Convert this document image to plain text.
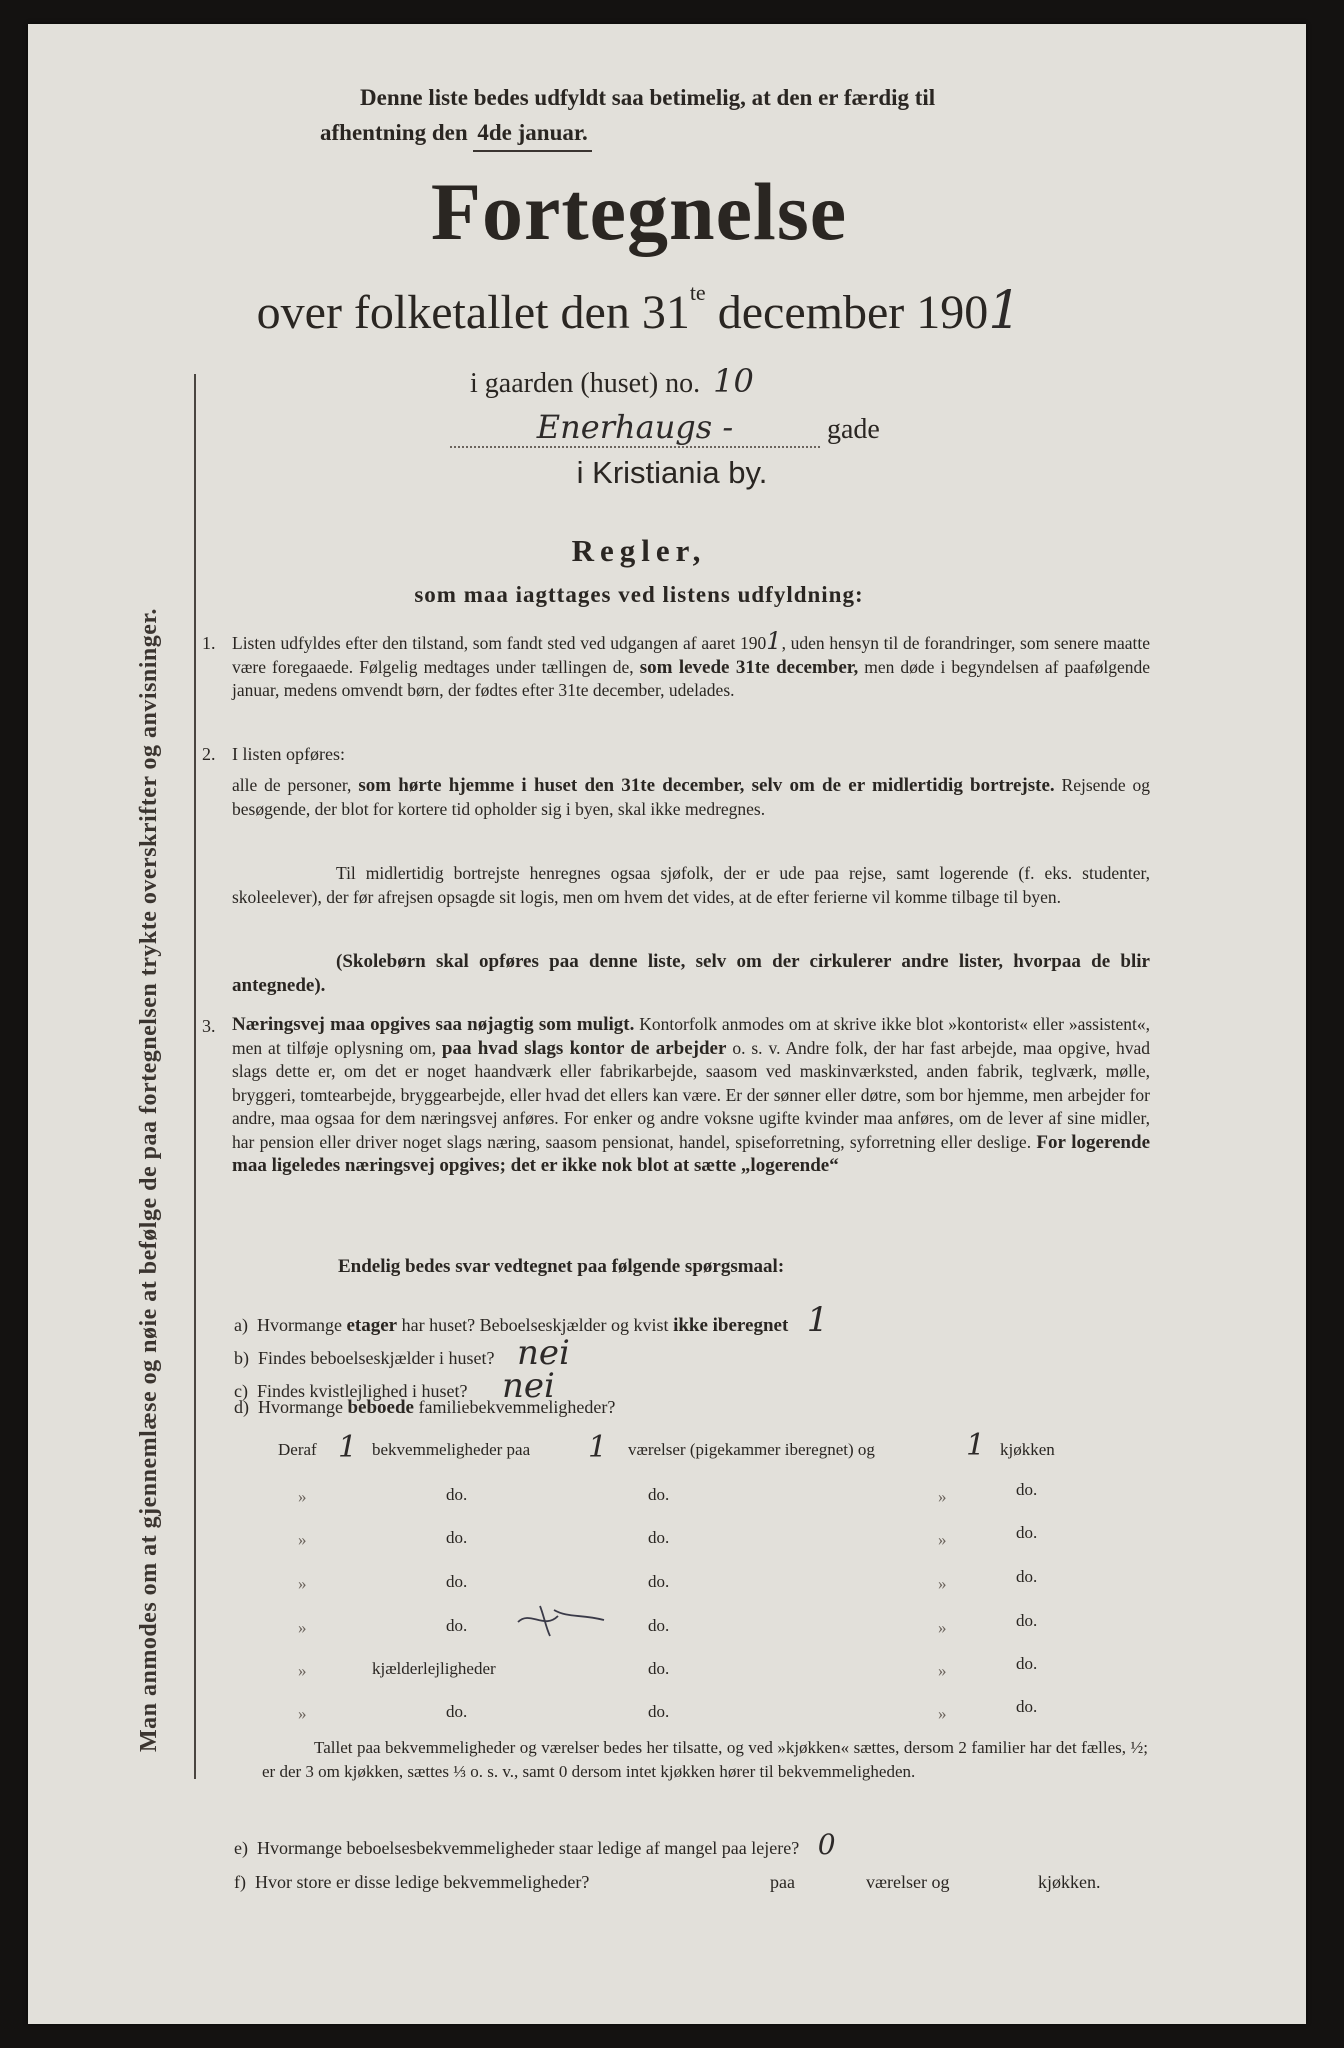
Man anmodes om at gjennemlæse og nøie at befølge de paa fortegnelsen trykte overskrifter og anvisninger.
Denne liste bedes udfyldt saa betimelig, at den er færdig til
afhentning den 4de januar.
Fortegnelse
over folketallet den $31^{te}$ december 1901
i gaarden (huset) no. 10
Enerhaugs -	gade
i Kristiania by.
Regler,
som maa iagttages ved listens udfyldning:
1. Listen udfyldes efter den tilstand, som fandt sted ved udgangen af aaret 1901, uden hensyn til de forandringer, som senere maatte være foregaaede. Følgelig medtages under tællingen de, som levede 31te december, men døde i begyndelsen af paafølgende januar, medens omvendt børn, der fødtes efter 31te december, udelades.
2. I listen opføres:
alle de personer, som hørte hjemme i huset den 31te december, selv om de er midlertidig bortrejste. Rejsende og besøgende, der blot for kortere tid opholder sig i byen, skal ikke medregnes.
Til midlertidig bortrejste henregnes ogsaa sjøfolk, der er ude paa rejse, samt logerende (f. eks. studenter, skoleelever), der før afrejsen opsagde sit logis, men om hvem det vides, at de efter ferierne vil komme tilbage til byen.
(Skolebørn skal opføres paa denne liste, selv om der cirkulerer andre lister, hvorpaa de blir antegnede).
3. Næringsvej maa opgives saa nøjagtig som muligt. Kontorfolk anmodes om at skrive ikke blot »kontorist« eller »assistent«, men at tilføje oplysning om, paa hvad slags kontor de arbejder o. s. v. Andre folk, der har fast arbejde, maa opgive, hvad slags dette er, om det er noget haandværk eller fabrikarbejde, saasom ved maskinværksted, anden fabrik, teglværk, mølle, bryggeri, tomtearbejde, bryggearbejde, eller hvad det ellers kan være. Er der sønner eller døtre, som bor hjemme, men arbejder for andre, maa ogsaa for dem næringsvej anføres. For enker og andre voksne ugifte kvinder maa anføres, om de lever af sine midler, har pension eller driver noget slags næring, saasom pensionat, handel, spiseforretning, syforretning eller deslige. For logerende maa ligeledes næringsvej opgives; det er ikke nok blot at sætte „logerende“
Endelig bedes svar vedtegnet paa følgende spørgsmaal:
a) Hvormange etager har huset? Beboelseskjælder og kvist ikke iberegnet 1
b) Findes beboelseskjælder i huset? nei
c) Findes kvistlejlighed i huset? nei
d) Hvormange beboede familiebekvemmeligheder?
Deraf 1 bekvemmeligheder paa 1 værelser (pigekammer iberegnet) og	1 kjøkken
»	do.	do.	»	do.
»	do.	do.	»	do.
»	do.	do.	»	do.
»	do.	do.	»	do.
»	kjælderlejligheder	do.	»	do.
»	do.	do.	»	do.
Tallet paa bekvemmeligheder og værelser bedes her tilsatte, og ved »kjøkken« sættes, dersom 2 familier har det fælles, ½; er der 3 om kjøkken, sættes ⅓ o. s. v., samt 0 dersom intet kjøkken hører til bekvemmeligheden.
e) Hvormange beboelsesbekvemmeligheder staar ledige af mangel paa lejere? 0
f) Hvor store er disse ledige bekvemmeligheder?	paa	værelser og	kjøkken.
